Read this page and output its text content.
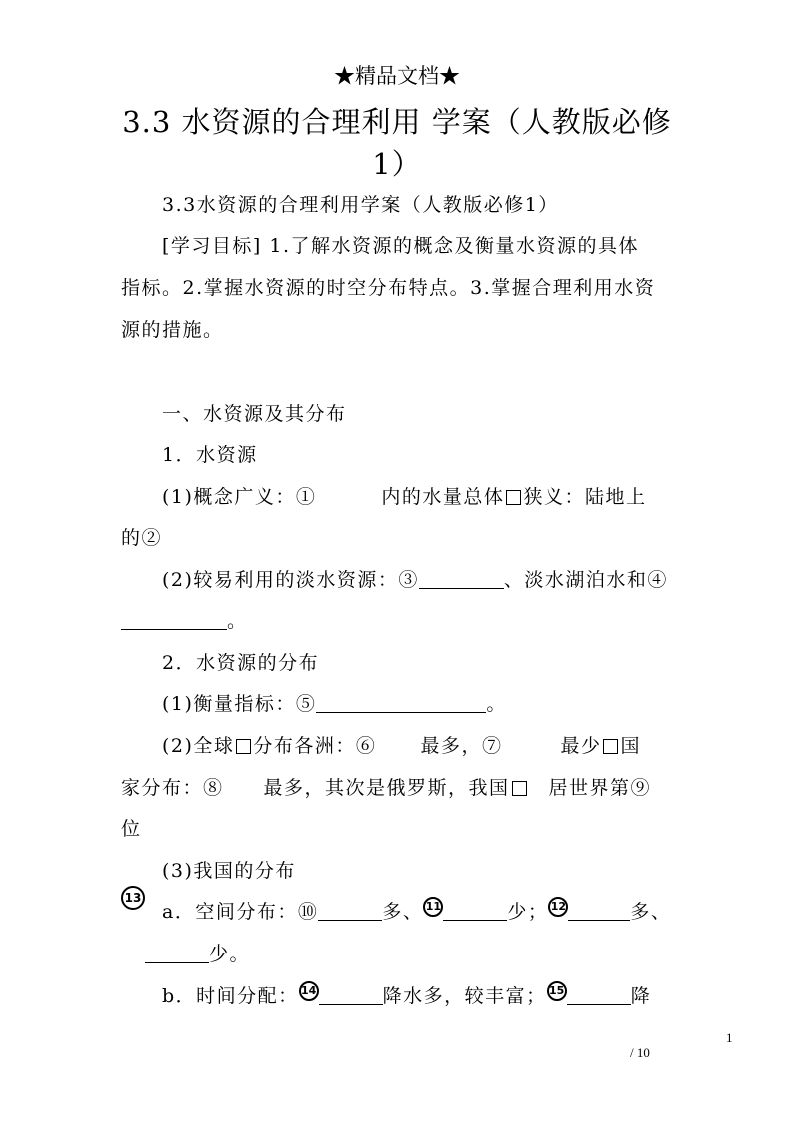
★精品文档★
3.3 水资源的合理利用 学案（人教版必修
1）
3.3水资源的合理利用学案（人教版必修1）
[学习目标] 1.了解水资源的概念及衡量水资源的具体
指标。2.掌握水资源的时空分布特点。3.掌握合理利用水资
源的措施。
一、水资源及其分布
1．水资源
(1)概念广义：①	内的水量总体 狭义：陆地上
的②
(2)较易利用的淡水资源：③	、淡水湖泊水和④
。
2．水资源的分布
(1)衡量指标：⑤	。
(2)全球 分布各洲：⑥ 最多，⑦	最少 国
家分布：⑧ 最多，其次是俄罗斯，我国 居世界第⑨
位
(3)我国的分布
13
a．空间分布：⑩	多、 11	少； 12	多、
少。
b．时间分配： 14	降水多，较丰富； 15	降
1
/ 10
